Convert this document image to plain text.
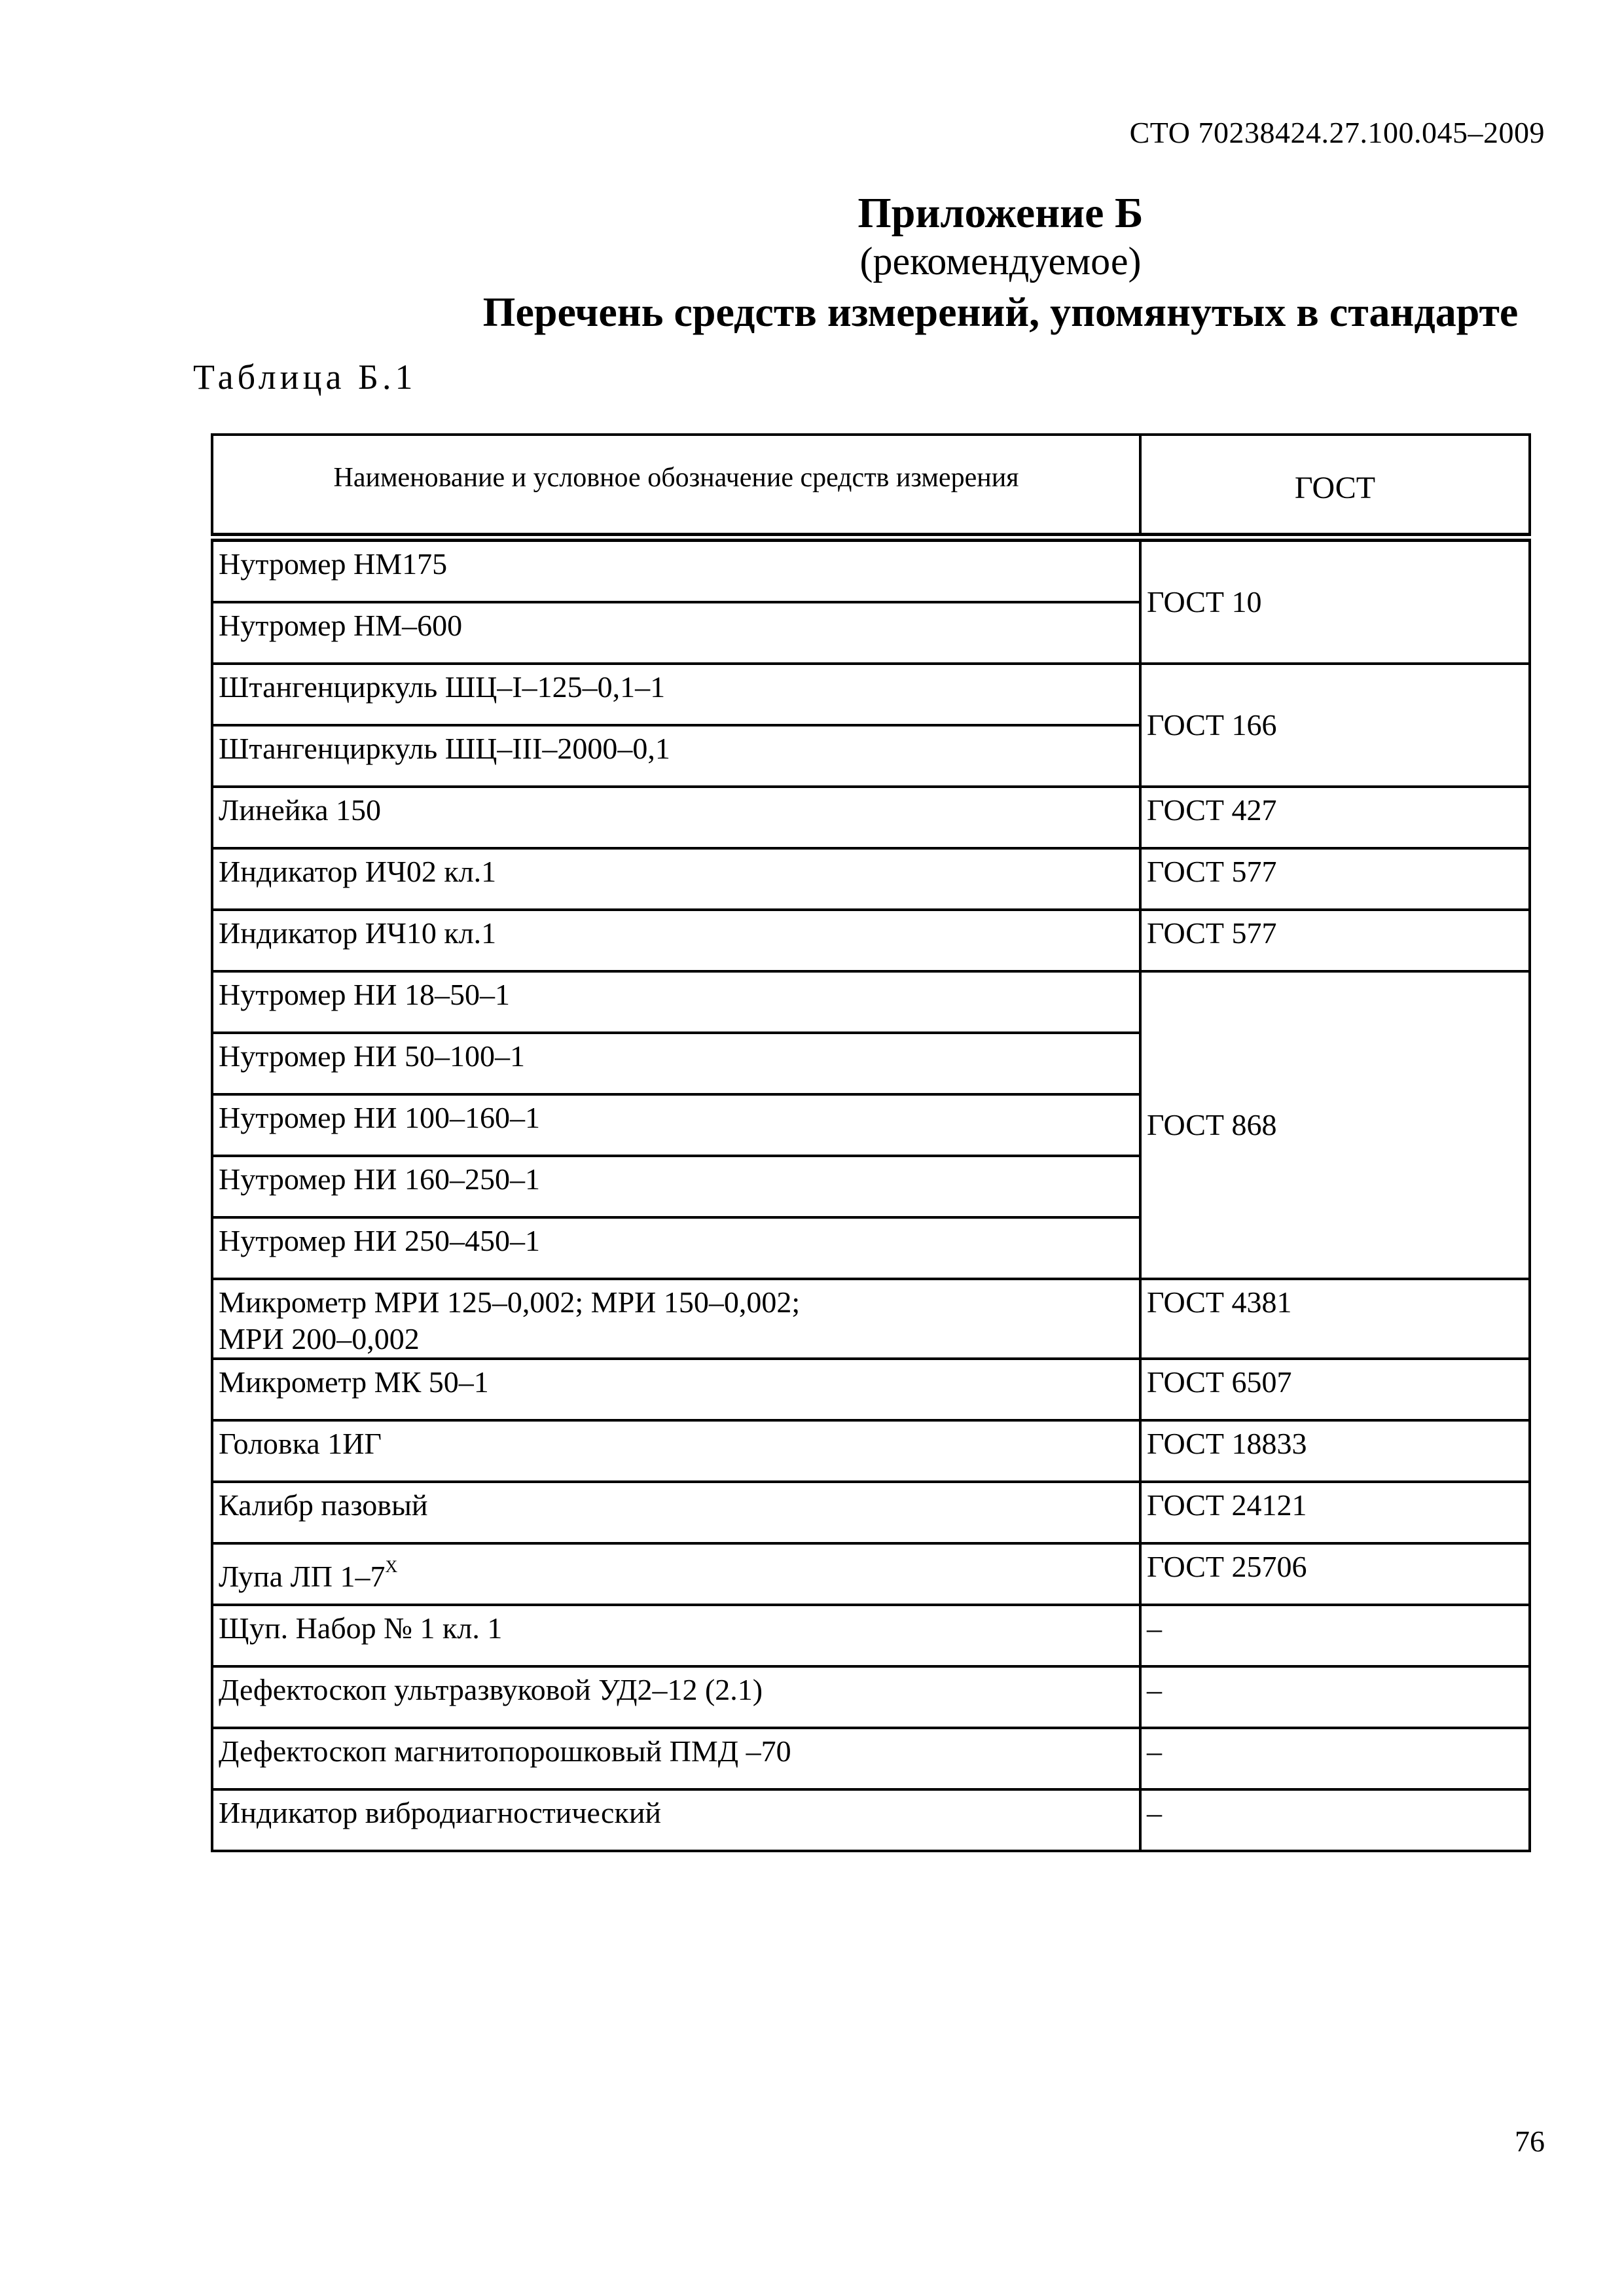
СТО 70238424.27.100.045–2009
Приложение Б
(рекомендуемое)
Перечень средств измерений, упомянутых в стандарте
Таблица Б.1
Наименование и условное обозначение средств измерения	ГОСТ
Нутромер НМ175	ГОСТ 10
Нутромер НМ–600	
Штангенциркуль ШЦ–I–125–0,1–1	ГОСТ 166
Штангенциркуль ШЦ–III–2000–0,1	
Линейка 150	ГОСТ 427
Индикатор ИЧ02 кл.1	ГОСТ 577
Индикатор ИЧ10 кл.1	ГОСТ 577
Нутромер НИ 18–50–1	ГОСТ 868
Нутромер НИ 50–100–1	
Нутромер НИ 100–160–1	
Нутромер НИ 160–250–1	
Нутромер НИ 250–450–1	
Микрометр МРИ 125–0,002; МРИ 150–0,002;
МРИ 200–0,002	ГОСТ 4381
Микрометр МК 50–1	ГОСТ 6507
Головка 1ИГ	ГОСТ 18833
Калибр пазовый	ГОСТ 24121
Лупа ЛП $1-7^Х$	ГОСТ 25706
Щуп. Набор № 1 кл. 1	–
Дефектоскоп ультразвуковой УД2–12 (2.1)	–
Дефектоскоп магнитопорошковый ПМД –70	–
Индикатор вибродиагностический	–
76
